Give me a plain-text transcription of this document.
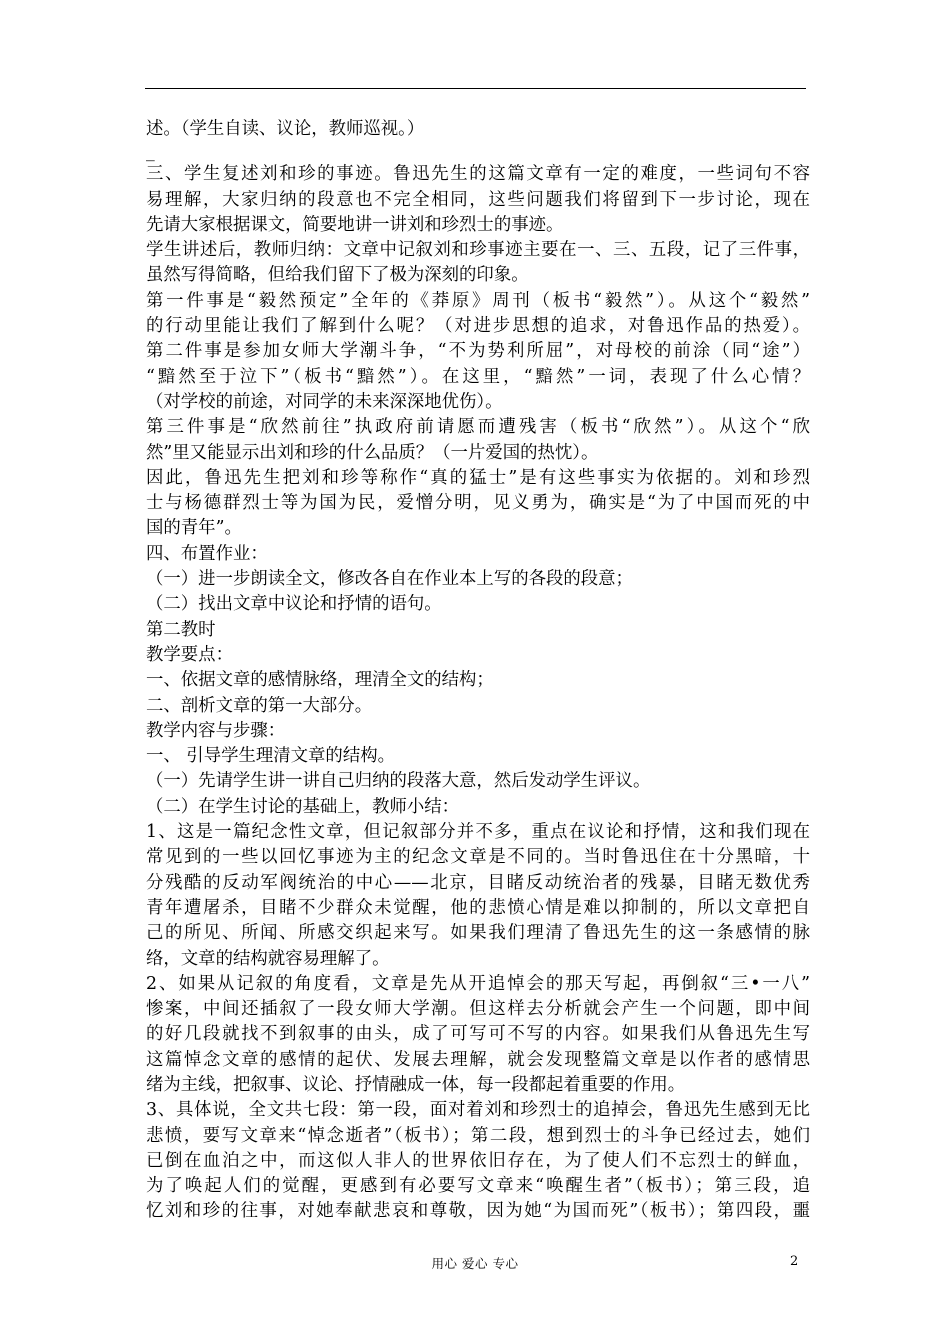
述。（学生自读、议论，教师巡视。）
_
三、学生复述刘和珍的事迹。鲁迅先生的这篇文章有一定的难度，一些词句不容
易理解，大家归纳的段意也不完全相同，这些问题我们将留到下一步讨论，现在
先请大家根据课文，简要地讲一讲刘和珍烈士的事迹。
学生讲述后，教师归纳：文章中记叙刘和珍事迹主要在一、三、五段，记了三件事，
虽然写得简略，但给我们留下了极为深刻的印象。
第一件事是“毅然预定”全年的《莽原》周刊（板书“毅然”）。从这个“毅然”
的行动里能让我们了解到什么呢？（对进步思想的追求，对鲁迅作品的热爱）。
第二件事是参加女师大学潮斗争，“不为势利所屈”，对母校的前涂（同“途”）
“黯然至于泣下”（板书“黯然”）。在这里，“黯然”一词，表现了什么心情？
（对学校的前途，对同学的未来深深地优伤）。
第三件事是“欣然前往”执政府前请愿而遭残害（板书“欣然”）。从这个“欣
然”里又能显示出刘和珍的什么品质？（一片爱国的热忱）。
因此，鲁迅先生把刘和珍等称作“真的猛士”是有这些事实为依据的。刘和珍烈
士与杨德群烈士等为国为民，爱憎分明，见义勇为，确实是“为了中国而死的中
国的青年”。
四、布置作业：
（一）进一步朗读全文，修改各自在作业本上写的各段的段意；
（二）找出文章中议论和抒情的语句。
第二教时
教学要点：
一、依据文章的感情脉络，理清全文的结构；
二、剖析文章的第一大部分。
教学内容与步骤：
一、 引导学生理清文章的结构。
（一）先请学生讲一讲自己归纳的段落大意，然后发动学生评议。
（二）在学生讨论的基础上，教师小结：
1、这是一篇纪念性文章，但记叙部分并不多，重点在议论和抒情，这和我们现在
常见到的一些以回忆事迹为主的纪念文章是不同的。当时鲁迅住在十分黑暗，十
分残酷的反动军阀统治的中心——北京，目睹反动统治者的残暴，目睹无数优秀
青年遭屠杀，目睹不少群众未觉醒，他的悲愤心情是难以抑制的，所以文章把自
己的所见、所闻、所感交织起来写。如果我们理清了鲁迅先生的这一条感情的脉
络，文章的结构就容易理解了。
2、如果从记叙的角度看，文章是先从开追悼会的那天写起，再倒叙“三•一八”
惨案，中间还插叙了一段女师大学潮。但这样去分析就会产生一个问题，即中间
的好几段就找不到叙事的由头，成了可写可不写的内容。如果我们从鲁迅先生写
这篇悼念文章的感情的起伏、发展去理解，就会发现整篇文章是以作者的感情思
绪为主线，把叙事、议论、抒情融成一体，每一段都起着重要的作用。
3、具体说，全文共七段：第一段，面对着刘和珍烈士的追掉会，鲁迅先生感到无比
悲愤，要写文章来“悼念逝者”（板书）；第二段，想到烈士的斗争已经过去，她们
已倒在血泊之中，而这似人非人的世界依旧存在，为了使人们不忘烈士的鲜血，
为了唤起人们的觉醒，更感到有必要写文章来“唤醒生者”（板书）；第三段，追
忆刘和珍的往事，对她奉献悲哀和尊敬，因为她“为国而死”（板书）；第四段，噩
用心 爱心 专心	2
